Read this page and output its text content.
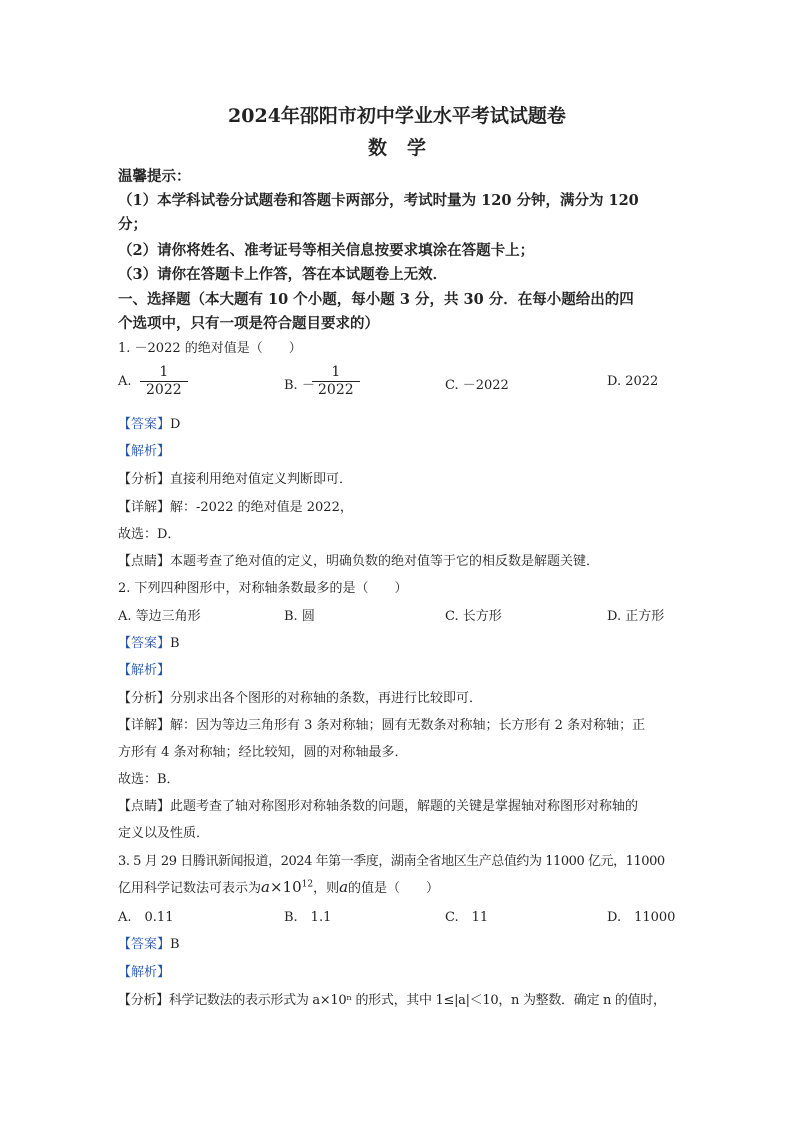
2024年邵阳市初中学业水平考试试题卷
数学
温馨提示：
（1）本学科试卷分试题卷和答题卡两部分，考试时量为 120 分钟，满分为 120
分；
（2）请你将姓名、准考证号等相关信息按要求填涂在答题卡上；
（3）请你在答题卡上作答，答在本试题卷上无效．
一、选择题（本大题有 10 个小题，每小题 3 分，共 30 分．在每小题给出的四
个选项中，只有一项是符合题目要求的）
1. －2022 的绝对值是（　　）
A.
1
2022	B. －
1
2022	C. －2022	D. 2022
【答案】D
【解析】
【分析】直接利用绝对值定义判断即可．
【详解】解：-2022 的绝对值是 2022，
故选：D．
【点睛】本题考查了绝对值的定义，明确负数的绝对值等于它的相反数是解题关键．
2. 下列四种图形中，对称轴条数最多的是（　　）
A. 等边三角形	B. 圆	C. 长方形	D. 正方形
【答案】B
【解析】
【分析】分别求出各个图形的对称轴的条数，再进行比较即可．
【详解】解：因为等边三角形有 3 条对称轴；圆有无数条对称轴；长方形有 2 条对称轴；正
方形有 4 条对称轴；经比较知，圆的对称轴最多．
故选：B．
【点睛】此题考查了轴对称图形对称轴条数的问题，解题的关键是掌握轴对称图形对称轴的
定义以及性质．
3. 5 月 29 日腾讯新闻报道，2024 年第一季度，湖南全省地区生产总值约为 11000 亿元，11000
亿用科学记数法可表示为$a\times 10^{12}$，则a的值是（　　）
A.　0.11	B.　1.1	C.　11	D.　11000
【答案】B
【解析】
【分析】科学记数法的表示形式为 a×10ⁿ 的形式，其中 1≤|a|＜10，n 为整数．确定 n 的值时，
